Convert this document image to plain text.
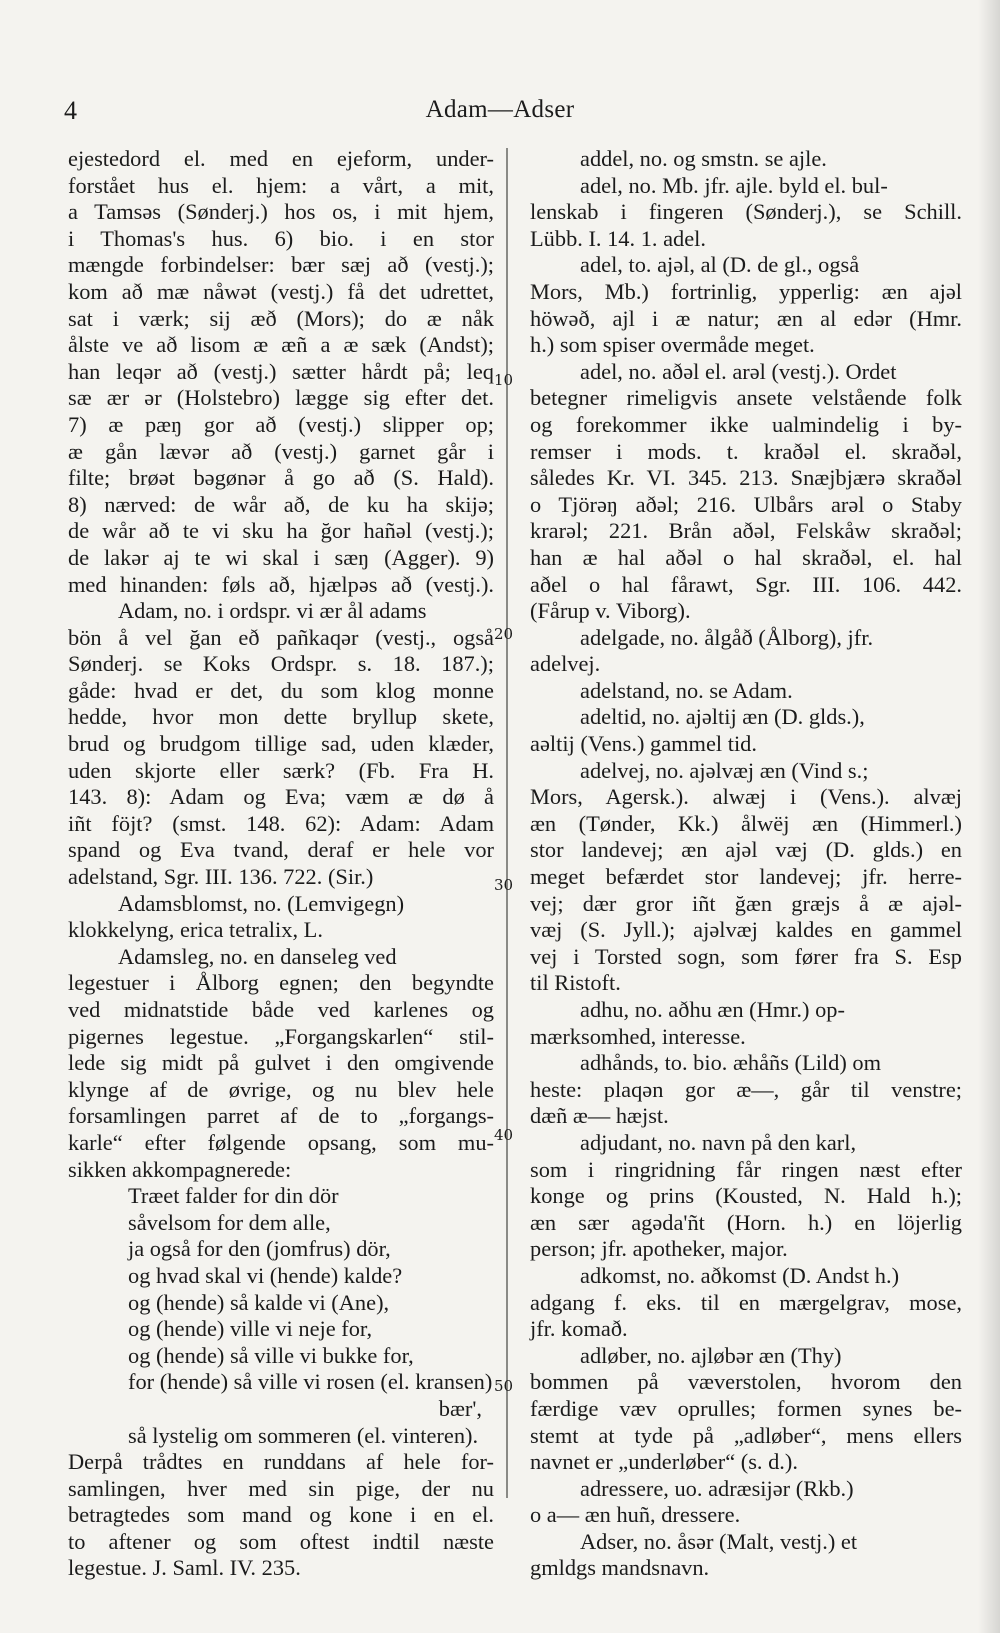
4	Adam—Adser
ejestedord el. med en ejeform, under-
forstået hus el. hjem: a vårt, a mit,
a Tamsəs (Sønderj.) hos os, i mit hjem,
i Thomas's hus. 6) bio. i en stor
mængde forbindelser: bær sæj að (vestj.);
kom að mæ nåwət (vestj.) få det udrettet,
sat i værk; sij æð (Mors); do æ nåk
ålste ve að lisom æ æñ a æ sæk (Andst);
han leqər að (vestj.) sætter hårdt på; leq
sæ ær ər (Holstebro) lægge sig efter det.
7) æ pæŋ gor að (vestj.) slipper op;
æ gån lævər að (vestj.) garnet går i
filte; brøət bəgønər å go að (S. Hald).
8) nærved: de wår að, de ku ha skijə;
de wår að te vi sku ha ğor hañəl (vestj.);
de lakər aj te wi skal i sæŋ (Agger). 9)
med hinanden: føls að, hjælpəs að (vestj.).
Adam, no. i ordspr. vi ær ål adams
bön å vel ğan eð pañkaqər (vestj., også
Sønderj. se Koks Ordspr. s. 18. 187.);
gåde: hvad er det, du som klog monne
hedde, hvor mon dette bryllup skete,
brud og brudgom tillige sad, uden klæder,
uden skjorte eller særk? (Fb. Fra H.
143. 8): Adam og Eva; væm æ dø å
iñt föjt? (smst. 148. 62): Adam: Adam
spand og Eva tvand, deraf er hele vor
adelstand, Sgr. III. 136. 722. (Sir.)
Adamsblomst, no. (Lemvigegn)
klokkelyng, erica tetralix, L.
Adamsleg, no. en danseleg ved
legestuer i Ålborg egnen; den begyndte
ved midnatstide både ved karlenes og
pigernes legestue. „Forgangskarlen“ stil-
lede sig midt på gulvet i den omgivende
klynge af de øvrige, og nu blev hele
forsamlingen parret af de to „forgangs-
karle“ efter følgende opsang, som mu-
sikken akkompagnerede:
Træet falder for din dör
såvelsom for dem alle,
ja også for den (jomfrus) dör,
og hvad skal vi (hende) kalde?
og (hende) så kalde vi (Ane),
og (hende) ville vi neje for,
og (hende) så ville vi bukke for,
for (hende) så ville vi rosen (el. kransen)
bær',
så lystelig om sommeren (el. vinteren).
Derpå trådtes en runddans af hele for-
samlingen, hver med sin pige, der nu
betragtedes som mand og kone i en el.
to aftener og som oftest indtil næste
legestue. J. Saml. IV. 235.
addel, no. og smstn. se ajle.
adel, no. Mb. jfr. ajle. byld el. bul-
lenskab i fingeren (Sønderj.), se Schill.
Lübb. I. 14. 1. adel.
adel, to. ajəl, al (D. de gl., også
Mors, Mb.) fortrinlig, ypperlig: æn ajəl
höwəð, ajl i æ natur; æn al edər (Hmr.
h.) som spiser overmåde meget.
adel, no. aðəl el. arəl (vestj.). Ordet
betegner rimeligvis ansete velstående folk
og forekommer ikke ualmindelig i by-
remser i mods. t. kraðəl el. skraðəl,
således Kr. VI. 345. 213. Snæjbjærə skraðəl
o Tjörəŋ aðəl; 216. Ulbårs arəl o Staby
krarəl; 221. Brån aðəl, Felskåw skraðəl;
han æ hal aðəl o hal skraðəl, el. hal
aðel o hal fårawt, Sgr. III. 106. 442.
(Fårup v. Viborg).
adelgade, no. ålgåð (Ålborg), jfr.
adelvej.
adelstand, no. se Adam.
adeltid, no. ajəltij æn (D. glds.),
aəltij (Vens.) gammel tid.
adelvej, no. ajəlvæj æn (Vind s.;
Mors, Agersk.). alwæj i (Vens.). alvæj
æn (Tønder, Kk.) ålwëj æn (Himmerl.)
stor landevej; æn ajəl væj (D. glds.) en
meget befærdet stor landevej; jfr. herre-
vej; dær gror iñt ğæn græjs å æ ajəl-
væj (S. Jyll.); ajəlvæj kaldes en gammel
vej i Torsted sogn, som fører fra S. Esp
til Ristoft.
adhu, no. aðhu æn (Hmr.) op-
mærksomhed, interesse.
adhånds, to. bio. æhåñs (Lild) om
heste: plaqən gor æ—, går til venstre;
dæñ æ— hæjst.
adjudant, no. navn på den karl,
som i ringridning får ringen næst efter
konge og prins (Kousted, N. Hald h.);
æn sær agəda'ñt (Horn. h.) en löjerlig
person; jfr. apotheker, major.
adkomst, no. aðkomst (D. Andst h.)
adgang f. eks. til en mærgelgrav, mose,
jfr. komað.
adløber, no. ajløbər æn (Thy)
bommen på væverstolen, hvorom den
færdige væv oprulles; formen synes be-
stemt at tyde på „adløber“, mens ellers
navnet er „underløber“ (s. d.).
adressere, uo. adræsijər (Rkb.)
o a— æn huñ, dressere.
Adser, no. åsər (Malt, vestj.) et
gmldgs mandsnavn.
10
20
30
40
50
